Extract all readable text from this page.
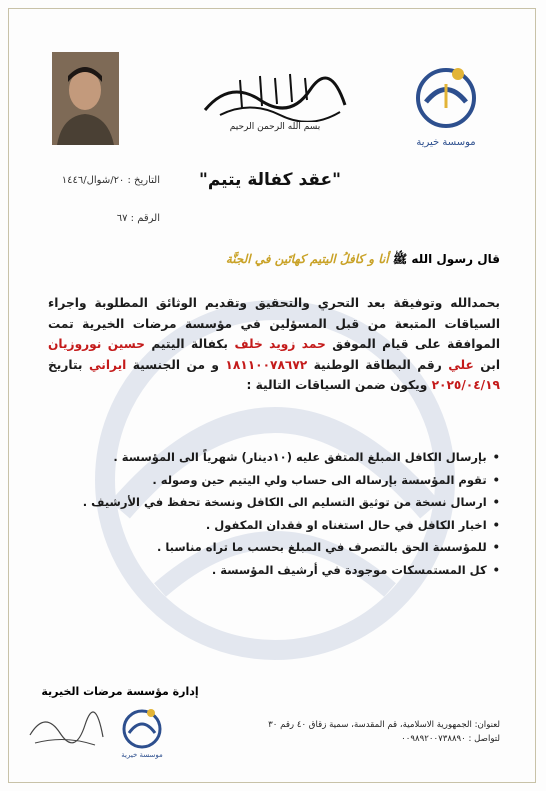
بسم الله الرحمن الرحيم
موسسة خيرية
"عقد كفالة يتيم"
التاريخ : ٢٠/شوال/١٤٤٦
الرقم : ٦٧
قال رسول الله ﷺ أنا و كافلُ اليتيم كهاتَين في الجنَّة
بحمدالله وتوفيقة بعد التحري والتحقيق وتقديم الوثائق المطلوبة واجراء السياقات المتبعة من قبل المسؤلين في مؤسسة مرضات الخيرية تمت الموافقة على قيام الموفق حمد زويد خلف بكفالة اليتيم حسين نوروزيان ابن علي رقم البطاقة الوطنية ١٨١١٠٠٧٨٦٧٢ و من الجنسية ايراني بتاريخ ٢٠٢٥/٠٤/١٩ ويكون ضمن السياقات التالية :
• بإرسال الكافل المبلغ المتفق عليه (١٠دينار) شهرياً الى المؤسسة .
• تقوم المؤسسة بإرساله الى حساب ولي اليتيم حين وصوله .
• ارسال نسخة من توثيق التسليم الى الكافل ونسخة تحفظ في الأرشيف .
• اخبار الكافل في حال استغناه او فقدان المكفول .
• للمؤسسة الحق بالتصرف في المبلغ بحسب ما تراه مناسبا .
• كل المستمسكات موجودة في أرشيف المؤسسة .
إدارة مؤسسة مرضات الخيرية
موسسة خيرية
لعنوان: الجمهورية الاسلامية، قم المقدسة، سمية زقاق ٤٠ رقم ٣٠
لتواصل : ٠٠٩٨٩٢٠٠٧٣٨٨٩٠
